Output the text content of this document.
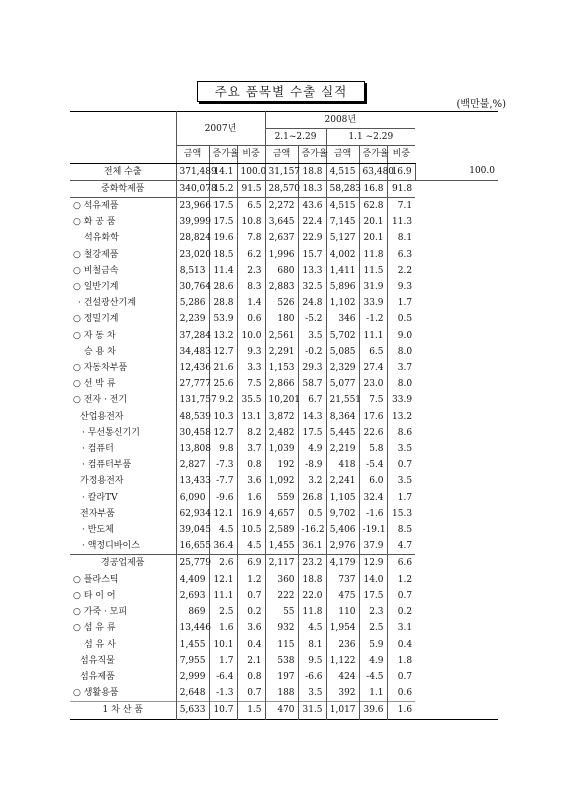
주요 품목별 수출 실적
(백만불,%)
	2007년			2008년					
				2.1~2.29		1.1 ~2.29			
	금액	증가율	비중	금액	증가율	금액	증가율	비중	
전체 수출	371,489	14.1	100.0	31,157	18.8	4,515	63,480	16.9	100.0
중화학제품	340,078	15.2	91.5	28,570	18.3	58,283	16.8	91.8	
○ 석유제품	23,966	17.5	6.5	2,272	43.6	4,515	62.8	7.1	
○ 화 공 품	39,999	17.5	10.8	3,645	22.4	7,145	20.1	11.3	
석유화학	28,824	19.6	7.8	2,637	22.9	5,127	20.1	8.1	
○ 철강제품	23,020	18.5	6.2	1,996	15.7	4,002	11.8	6.3	
○ 비철금속	8,513	11.4	2.3	680	13.3	1,411	11.5	2.2	
○ 일반기계	30,764	28.6	8.3	2,883	32.5	5,896	31.9	9.3	
· 건설광산기계	5,286	28.8	1.4	526	24.8	1,102	33.9	1.7	
○ 정밀기계	2,239	53.9	0.6	180	-5.2	346	-1.2	0.5	
○ 자 동 차	37,284	13.2	10.0	2,561	3.5	5,702	11.1	9.0	
승 용 차	34,483	12.7	9.3	2,291	-0.2	5,085	6.5	8.0	
○ 자동차부품	12,436	21.6	3.3	1,153	29.3	2,329	27.4	3.7	
○ 선 박 류	27,777	25.6	7.5	2,866	58.7	5,077	23.0	8.0	
○ 전자 · 전기	131,757	9.2	35.5	10,201	6.7	21,551	7.5	33.9	
산업용전자	48,539	10.3	13.1	3,872	14.3	8,364	17.6	13.2	
· 무선통신기기	30,458	12.7	8.2	2,482	17.5	5,445	22.6	8.6	
· 컴퓨터	13,808	9.8	3.7	1,039	4.9	2,219	5.8	3.5	
· 컴퓨터부품	2,827	-7.3	0.8	192	-8.9	418	-5.4	0.7	
가정용전자	13,433	-7.7	3.6	1,092	3.2	2,241	6.0	3.5	
· 칼라TV	6,090	-9.6	1.6	559	26.8	1,105	32.4	1.7	
전자부품	62,934	12.1	16.9	4,657	0.5	9,702	-1.6	15.3	
· 반도체	39,045	4.5	10.5	2,589	-16.2	5,406	-19.1	8.5	
· 액정디바이스	16,655	36.4	4.5	1,455	36.1	2,976	37.9	4.7	
경공업제품	25,779	2.6	6.9	2,117	23.2	4,179	12.9	6.6	
○ 플라스틱	4,409	12.1	1.2	360	18.8	737	14.0	1.2	
○ 타 이 어	2,693	11.1	0.7	222	22.0	475	17.5	0.7	
○ 가죽 · 모피	869	2.5	0.2	55	11.8	110	2.3	0.2	
○ 섬 유 류	13,446	1.6	3.6	932	4.5	1,954	2.5	3.1	
섬 유 사	1,455	10.1	0.4	115	8.1	236	5.9	0.4	
섬유직물	7,955	1.7	2.1	538	9.5	1,122	4.9	1.8	
섬유제품	2,999	-6.4	0.8	197	-6.6	424	-4.5	0.7	
○ 생활용품	2,648	-1.3	0.7	188	3.5	392	1.1	0.6	
1 차 산 품	5,633	10.7	1.5	470	31.5	1,017	39.6	1.6	
